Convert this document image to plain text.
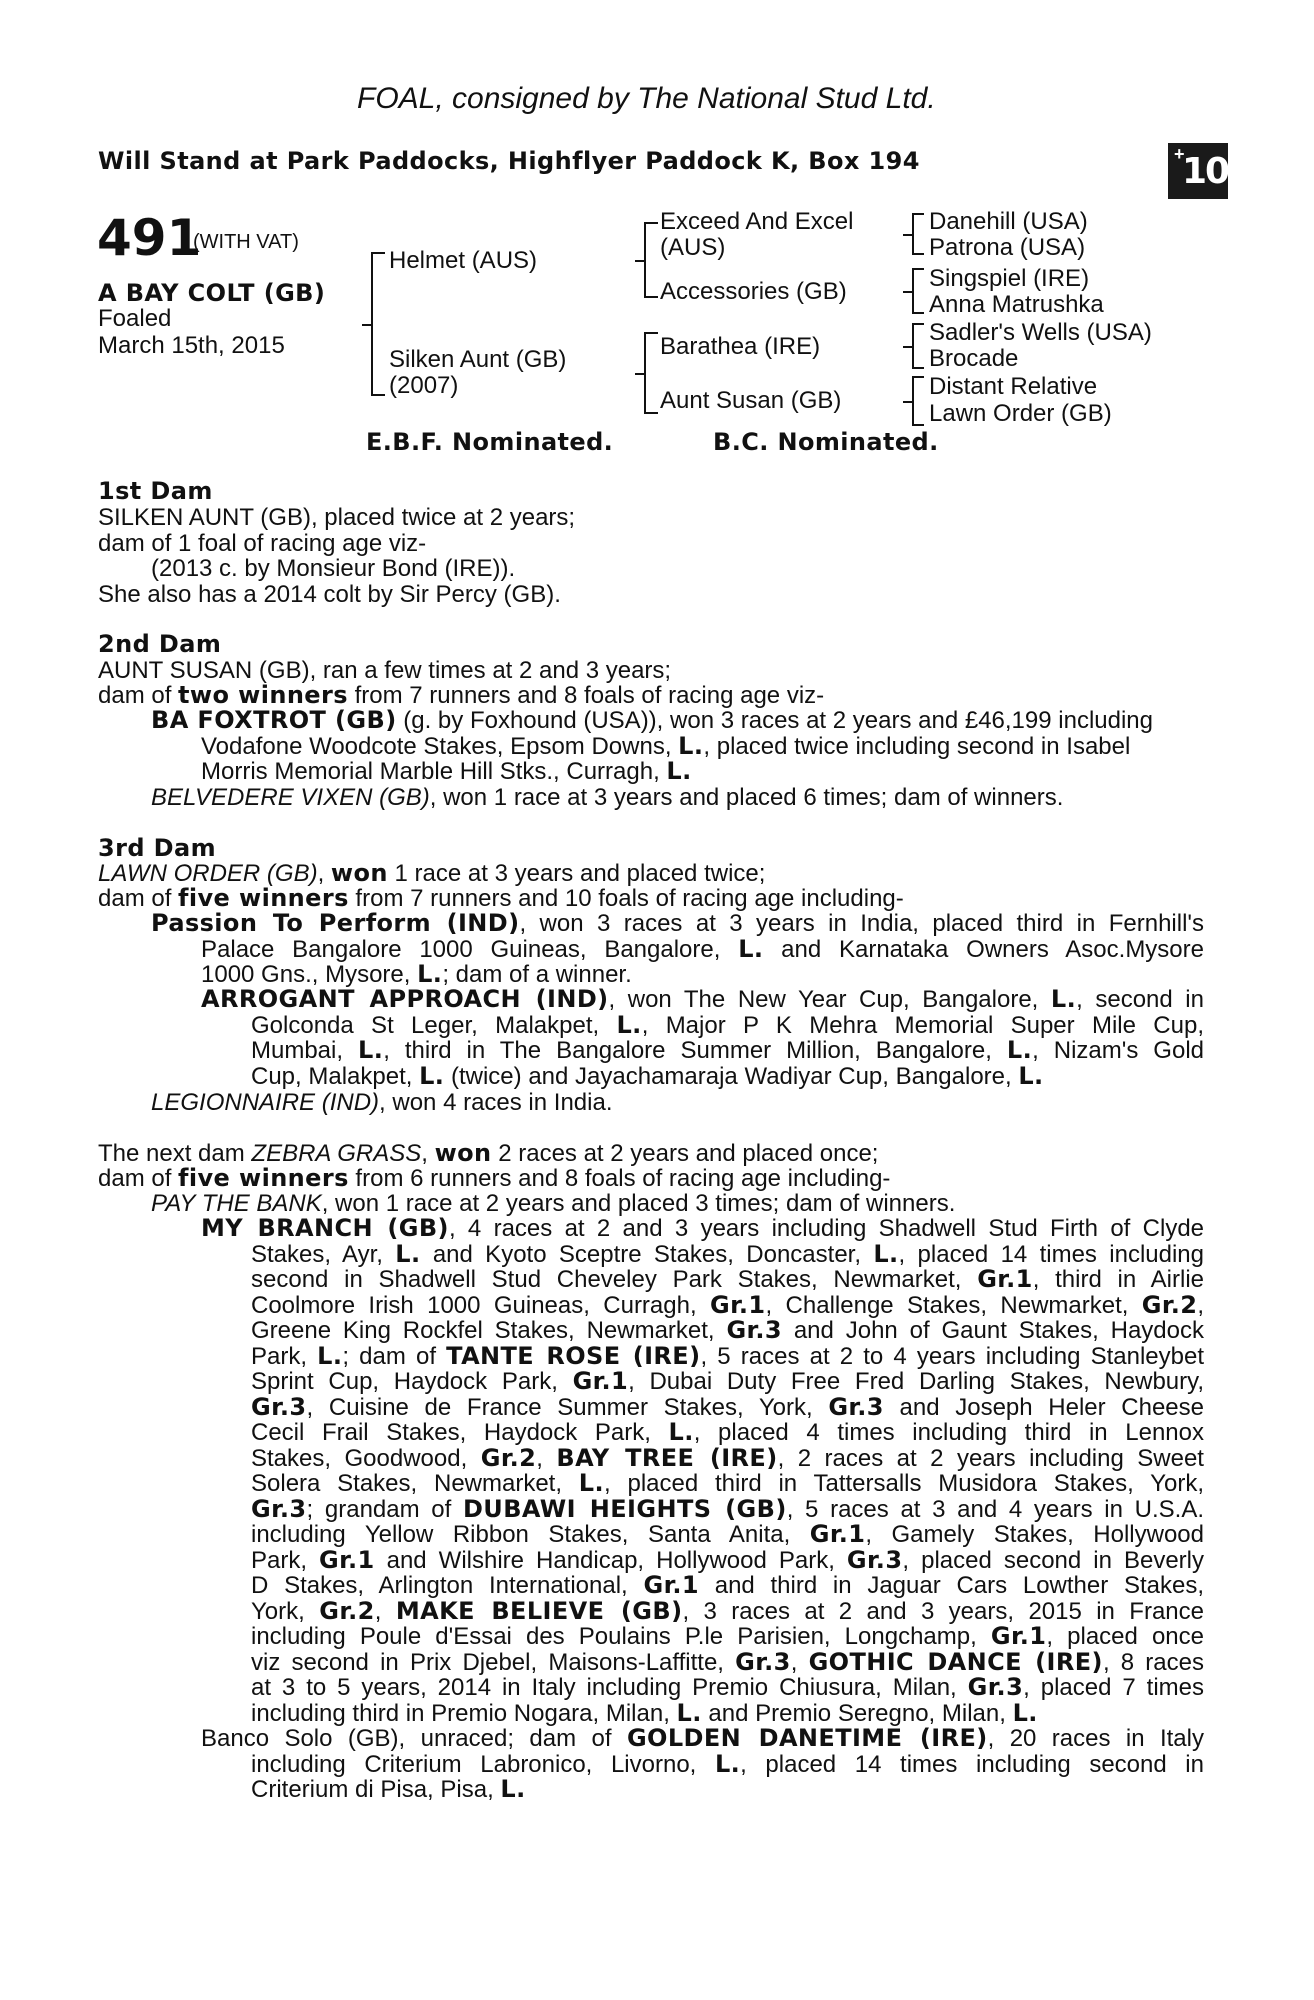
FOAL, consigned by The National Stud Ltd.
Will Stand at Park Paddocks, Highflyer Paddock K, Box 194	+
10
491
(WITH VAT)
A BAY COLT (GB)
Foaled
March 15th, 2015
Helmet (AUS)
Silken Aunt (GB)
(2007)
Exceed And Excel
(AUS)
Accessories (GB)
Barathea (IRE)
Aunt Susan (GB)
Danehill (USA)
Patrona (USA)
Singspiel (IRE)
Anna Matrushka
Sadler's Wells (USA)
Brocade
Distant Relative
Lawn Order (GB)
E.B.F. Nominated.	B.C. Nominated.
1st Dam
SILKEN AUNT (GB), placed twice at 2 years;
dam of 1 foal of racing age viz-
(2013 c. by Monsieur Bond (IRE)).
She also has a 2014 colt by Sir Percy (GB).
2nd Dam
AUNT SUSAN (GB), ran a few times at 2 and 3 years;
dam of two winners from 7 runners and 8 foals of racing age viz-
BA FOXTROT (GB) (g. by Foxhound (USA)), won 3 races at 2 years and £46,199 including
Vodafone Woodcote Stakes, Epsom Downs, L., placed twice including second in Isabel
Morris Memorial Marble Hill Stks., Curragh, L.
BELVEDERE VIXEN (GB), won 1 race at 3 years and placed 6 times; dam of winners.
3rd Dam
LAWN ORDER (GB), won 1 race at 3 years and placed twice;
dam of five winners from 7 runners and 10 foals of racing age including-
Passion To Perform (IND), won 3 races at 3 years in India, placed third in Fernhill's
Palace Bangalore 1000 Guineas, Bangalore, L. and Karnataka Owners Asoc.Mysore
1000 Gns., Mysore, L.; dam of a winner.
ARROGANT APPROACH (IND), won The New Year Cup, Bangalore, L., second in
Golconda St Leger, Malakpet, L., Major P K Mehra Memorial Super Mile Cup,
Mumbai, L., third in The Bangalore Summer Million, Bangalore, L., Nizam's Gold
Cup, Malakpet, L. (twice) and Jayachamaraja Wadiyar Cup, Bangalore, L.
LEGIONNAIRE (IND), won 4 races in India.
The next dam ZEBRA GRASS, won 2 races at 2 years and placed once;
dam of five winners from 6 runners and 8 foals of racing age including-
PAY THE BANK, won 1 race at 2 years and placed 3 times; dam of winners.
MY BRANCH (GB), 4 races at 2 and 3 years including Shadwell Stud Firth of Clyde
Stakes, Ayr, L. and Kyoto Sceptre Stakes, Doncaster, L., placed 14 times including
second in Shadwell Stud Cheveley Park Stakes, Newmarket, Gr.1, third in Airlie
Coolmore Irish 1000 Guineas, Curragh, Gr.1, Challenge Stakes, Newmarket, Gr.2,
Greene King Rockfel Stakes, Newmarket, Gr.3 and John of Gaunt Stakes, Haydock
Park, L.; dam of TANTE ROSE (IRE), 5 races at 2 to 4 years including Stanleybet
Sprint Cup, Haydock Park, Gr.1, Dubai Duty Free Fred Darling Stakes, Newbury,
Gr.3, Cuisine de France Summer Stakes, York, Gr.3 and Joseph Heler Cheese
Cecil Frail Stakes, Haydock Park, L., placed 4 times including third in Lennox
Stakes, Goodwood, Gr.2, BAY TREE (IRE), 2 races at 2 years including Sweet
Solera Stakes, Newmarket, L., placed third in Tattersalls Musidora Stakes, York,
Gr.3; grandam of DUBAWI HEIGHTS (GB), 5 races at 3 and 4 years in U.S.A.
including Yellow Ribbon Stakes, Santa Anita, Gr.1, Gamely Stakes, Hollywood
Park, Gr.1 and Wilshire Handicap, Hollywood Park, Gr.3, placed second in Beverly
D Stakes, Arlington International, Gr.1 and third in Jaguar Cars Lowther Stakes,
York, Gr.2, MAKE BELIEVE (GB), 3 races at 2 and 3 years, 2015 in France
including Poule d'Essai des Poulains P.le Parisien, Longchamp, Gr.1, placed once
viz second in Prix Djebel, Maisons-Laffitte, Gr.3, GOTHIC DANCE (IRE), 8 races
at 3 to 5 years, 2014 in Italy including Premio Chiusura, Milan, Gr.3, placed 7 times
including third in Premio Nogara, Milan, L. and Premio Seregno, Milan, L.
Banco Solo (GB), unraced; dam of GOLDEN DANETIME (IRE), 20 races in Italy
including Criterium Labronico, Livorno, L., placed 14 times including second in
Criterium di Pisa, Pisa, L.
